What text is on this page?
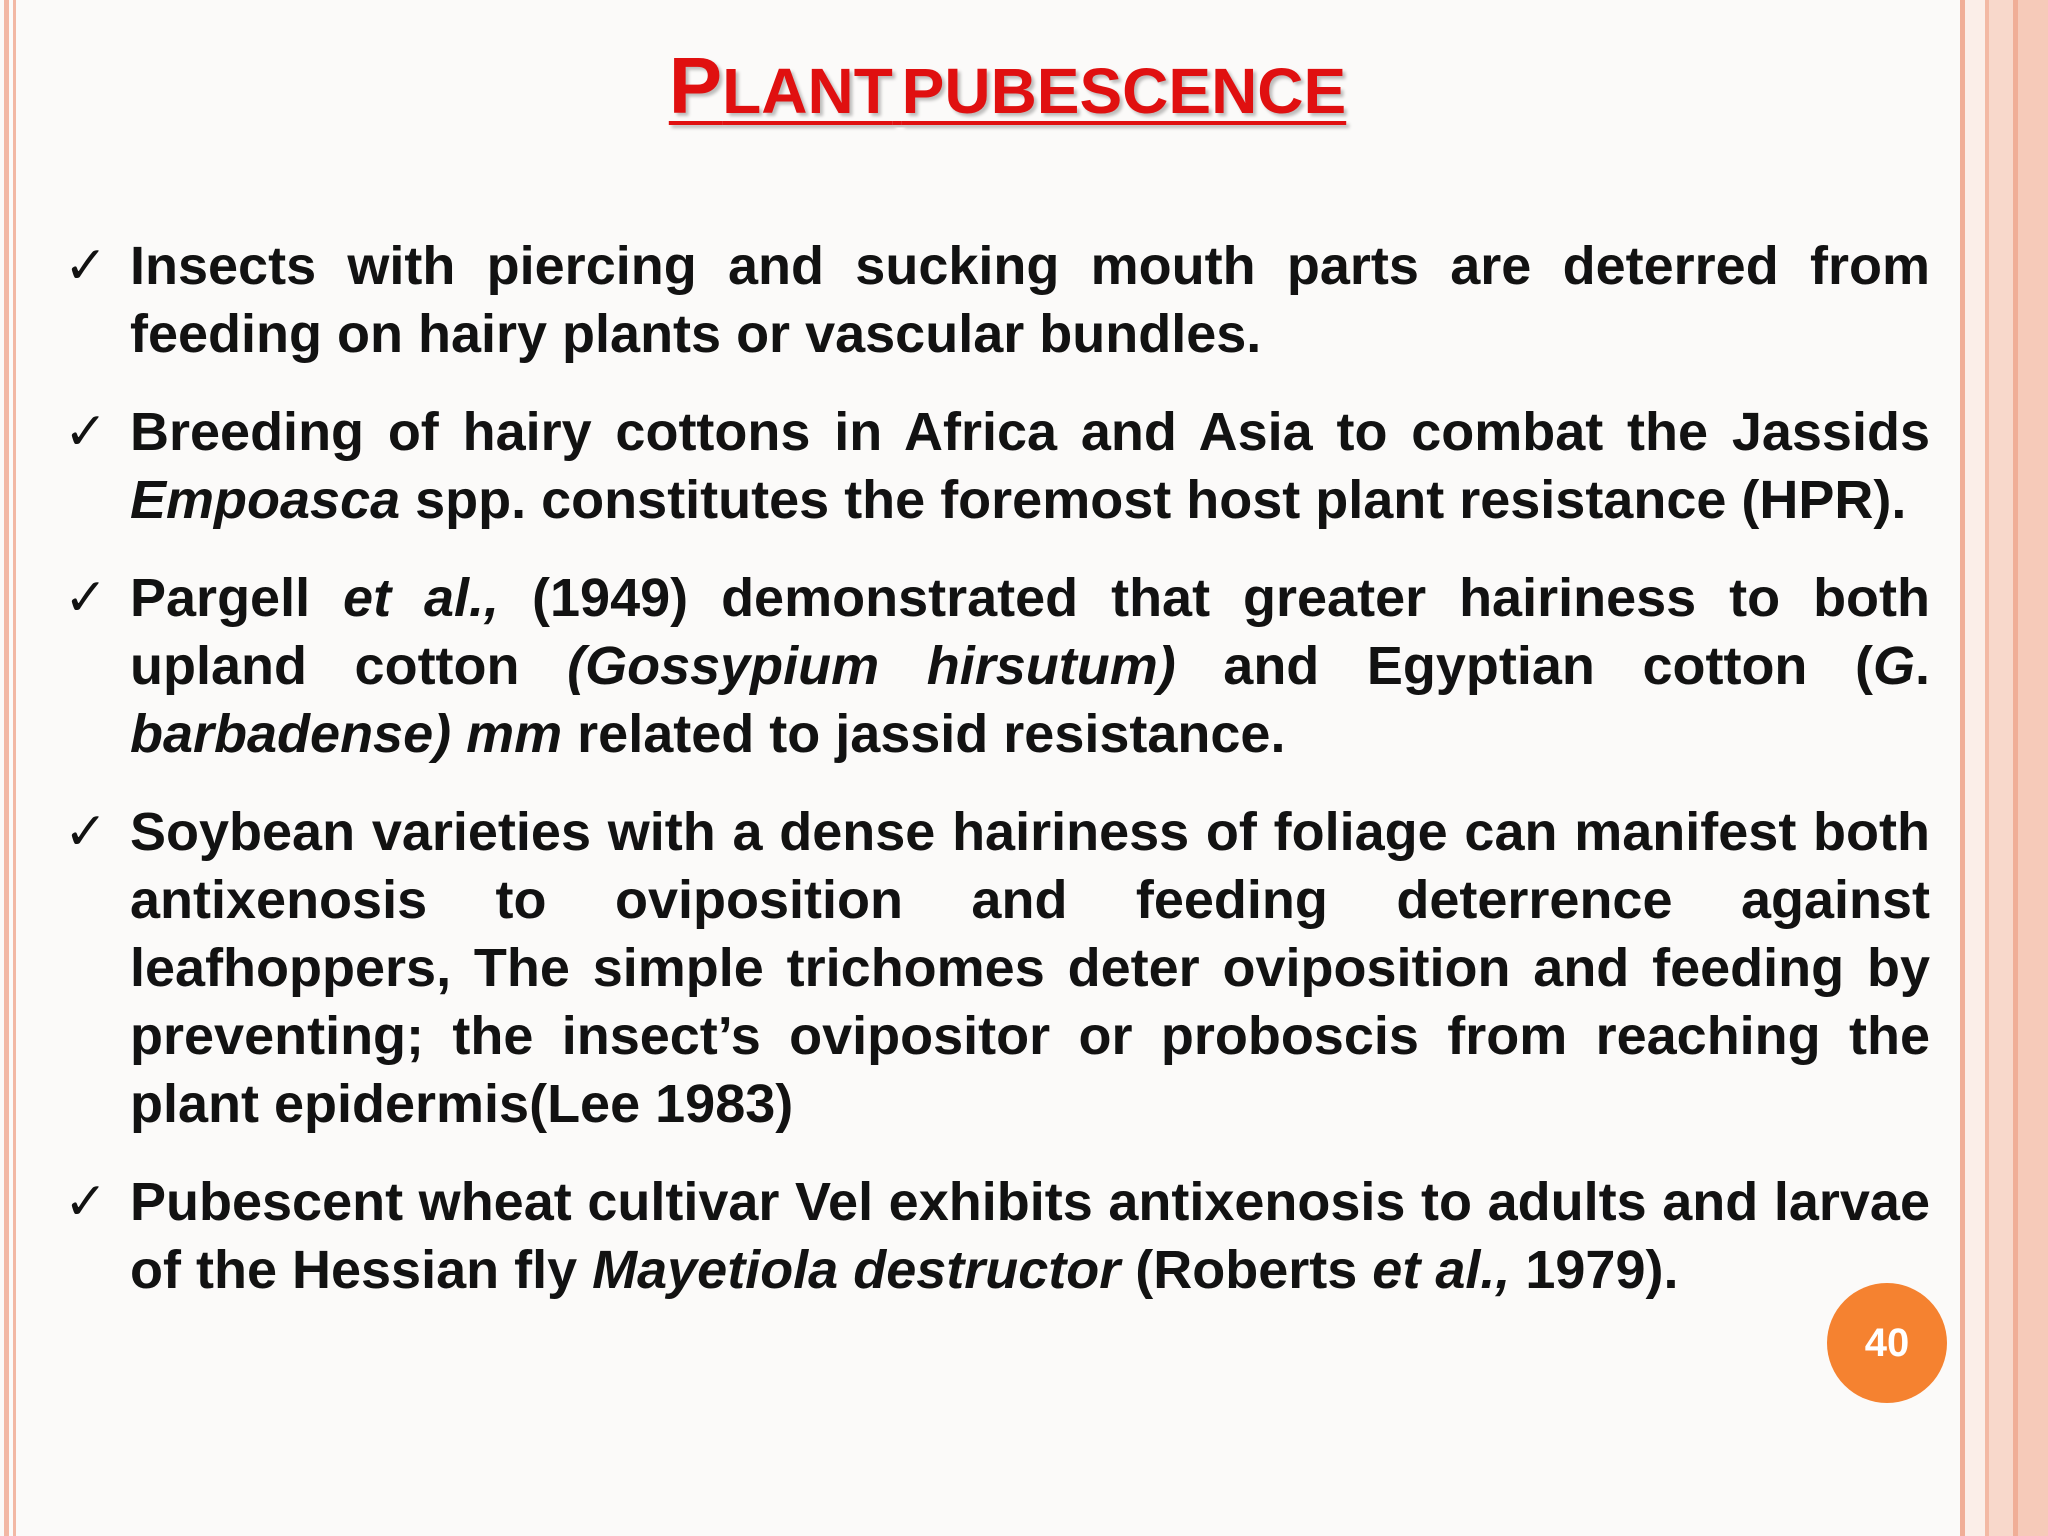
PLANT PUBESCENCE
✓ Insects with piercing and sucking mouth parts are deterred from feeding on hairy plants or vascular bundles.
✓ Breeding of hairy cottons in Africa and Asia to combat the Jassids Empoasca spp. constitutes the foremost host plant resistance (HPR).
✓ Pargell et al., (1949) demonstrated that greater hairiness to both upland cotton (Gossypium hirsutum) and Egyptian cotton (G. barbadense) mm related to jassid resistance.
✓ Soybean varieties with a dense hairiness of foliage can manifest both antixenosis to oviposition and feeding deterrence against leafhoppers, The simple trichomes deter oviposition and feeding by preventing; the insect’s ovipositor or proboscis from reaching the plant epidermis(Lee 1983)
✓ Pubescent wheat cultivar Vel exhibits antixenosis to adults and larvae of the Hessian fly Mayetiola destructor (Roberts et al., 1979).
40
